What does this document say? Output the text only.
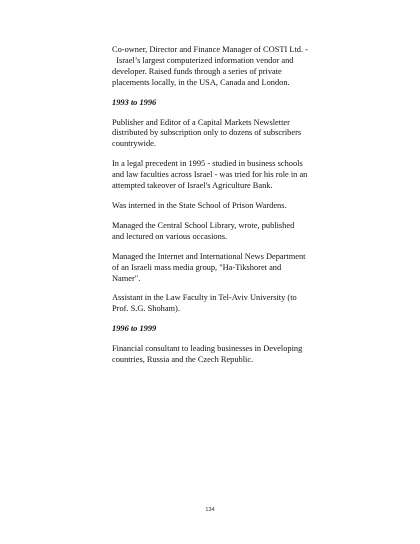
Co-owner, Director and Finance Manager of COSTI Ltd. -
Israel’s largest computerized information vendor and
developer. Raised funds through a series of private
placements locally, in the USA, Canada and London.

1993 to 1996

Publisher and Editor of a Capital Markets Newsletter
distributed by subscription only to dozens of subscribers
countrywide.

In a legal precedent in 1995 - studied in business schools
and law faculties across Israel - was tried for his role in an
attempted takeover of Israel's Agriculture Bank.

Was interned in the State School of Prison Wardens.

Managed the Central School Library, wrote, published
and lectured on various occasions.

Managed the Internet and International News Department
of an Israeli mass media group, "Ha-Tikshoret and
Namer".

Assistant in the Law Faculty in Tel-Aviv University (to
Prof. S.G. Shoham).

1996 to 1999

Financial consultant to leading businesses in Developing
countries, Russia and the Czech Republic.

134
